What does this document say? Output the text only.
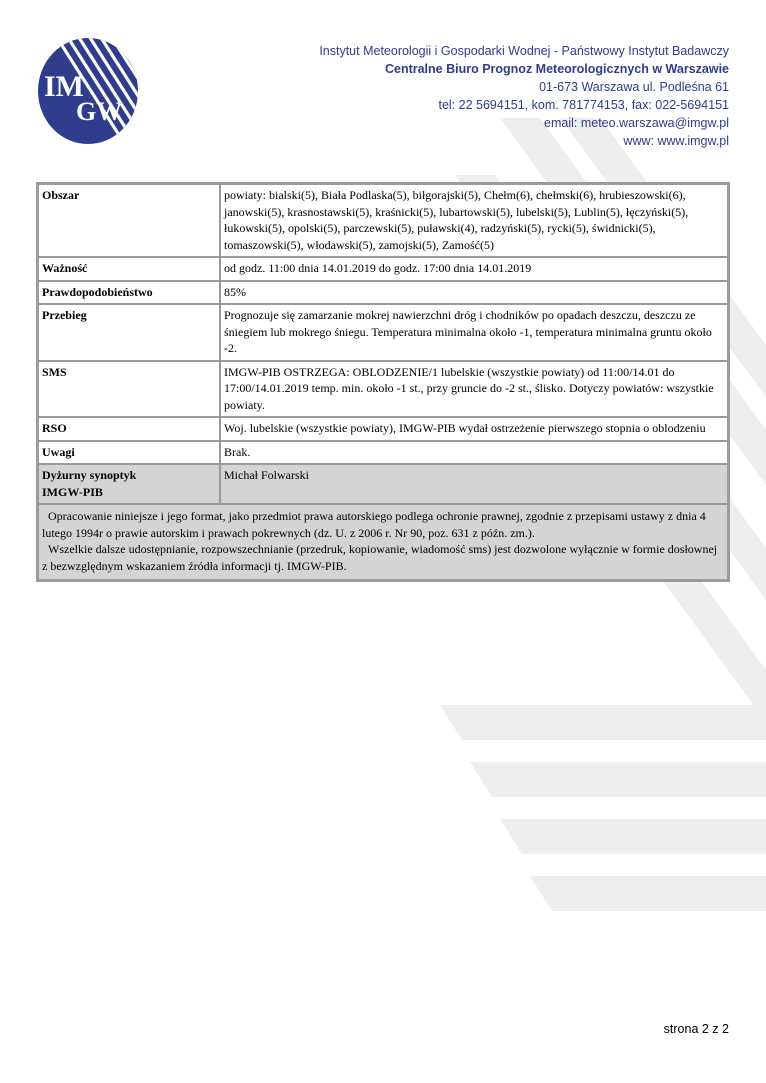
IM
GW
Instytut Meteorologii i Gospodarki Wodnej - Państwowy Instytut Badawczy
Centralne Biuro Prognoz Meteorologicznych w Warszawie
01-673 Warszawa ul. Podleśna 61
tel: 22 5694151, kom. 781774153, fax: 022-5694151
email: meteo.warszawa@imgw.pl
www: www.imgw.pl
Obszar	powiaty: bialski(5), Biała Podlaska(5), biłgorajski(5), Chełm(6), chełmski(6), hrubieszowski(6), janowski(5), krasnostawski(5), kraśnicki(5), lubartowski(5), lubelski(5), Lublin(5), łęczyński(5), łukowski(5), opolski(5), parczewski(5), puławski(4), radzyński(5), rycki(5), świdnicki(5), tomaszowski(5), włodawski(5), zamojski(5), Zamość(5)
Ważność	od godz. 11:00 dnia 14.01.2019 do godz. 17:00 dnia 14.01.2019
Prawdopodobieństwo	85%
Przebieg	Prognozuje się zamarzanie mokrej nawierzchni dróg i chodników po opadach deszczu, deszczu ze śniegiem lub mokrego śniegu. Temperatura minimalna około -1, temperatura minimalna gruntu około -2.
SMS	IMGW-PIB OSTRZEGA: OBLODZENIE/1 lubelskie (wszystkie powiaty) od 11:00/14.01 do 17:00/14.01.2019 temp. min. około -1 st., przy gruncie do -2 st., ślisko. Dotyczy powiatów: wszystkie powiaty.
RSO	Woj. lubelskie (wszystkie powiaty), IMGW-PIB wydał ostrzeżenie pierwszego stopnia o oblodzeniu
Uwagi	Brak.
Dyżurny synoptyk
IMGW-PIB	Michał Folwarski
Opracowanie niniejsze i jego format, jako przedmiot prawa autorskiego podlega ochronie prawnej, zgodnie z przepisami ustawy z dnia 4 lutego 1994r o prawie autorskim i prawach pokrewnych (dz. U. z 2006 r. Nr 90, poz. 631 z późn. zm.).
Wszelkie dalsze udostępnianie, rozpowszechnianie (przedruk, kopiowanie, wiadomość sms) jest dozwolone wyłącznie w formie dosłownej z bezwzględnym wskazaniem źródła informacji tj. IMGW-PIB.	
strona 2 z 2
